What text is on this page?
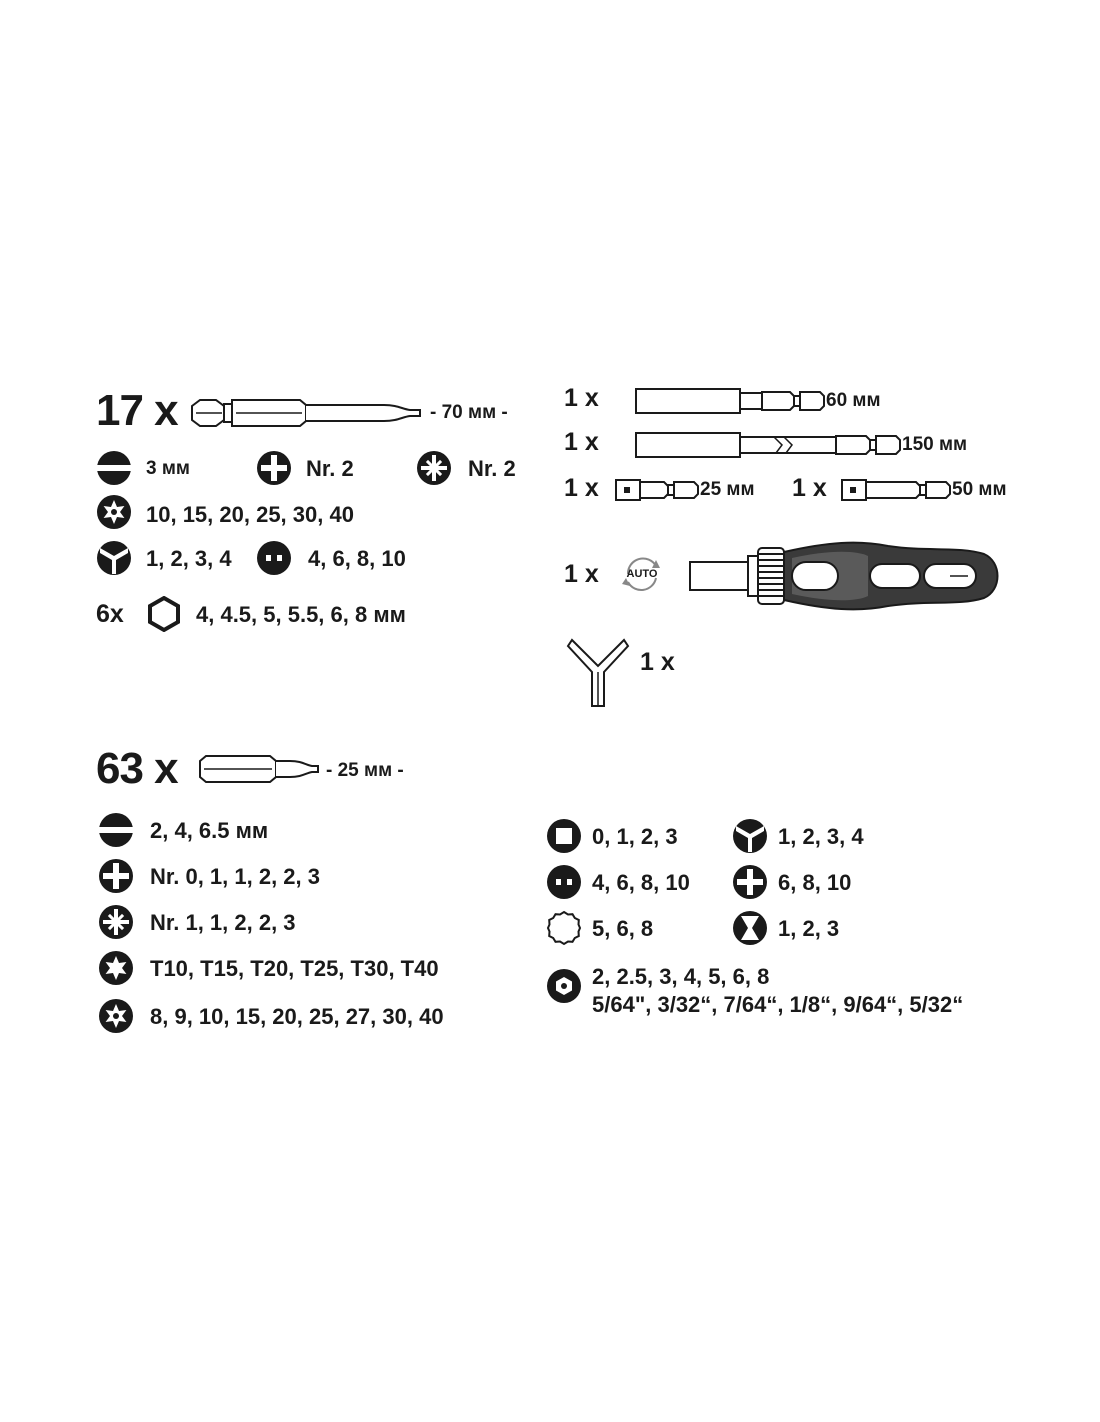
17 x	- 70 мм -
3 мм	Nr. 2	Nr. 2
10, 15, 20, 25, 30, 40
1, 2, 3, 4	4, 6, 8, 10
6x	4, 4.5, 5, 5.5, 6, 8 мм
1 x	60 мм
1 x	150 мм
1 x	25 мм 1 x	50 мм
1 x	AUTO
1 x
63 x	- 25 мм -
2, 4, 6.5 мм
Nr. 0, 1, 1, 2, 2, 3
Nr. 1, 1, 2, 2, 3
T10, T15, T20, T25, T30, T40
8, 9, 10, 15, 20, 25, 27, 30, 40
0, 1, 2, 3	1, 2, 3, 4
4, 6, 8, 10	6, 8, 10
5, 6, 8	1, 2, 3
2, 2.5, 3, 4, 5, 6, 8
5/64", 3/32“, 7/64“, 1/8“, 9/64“, 5/32“
